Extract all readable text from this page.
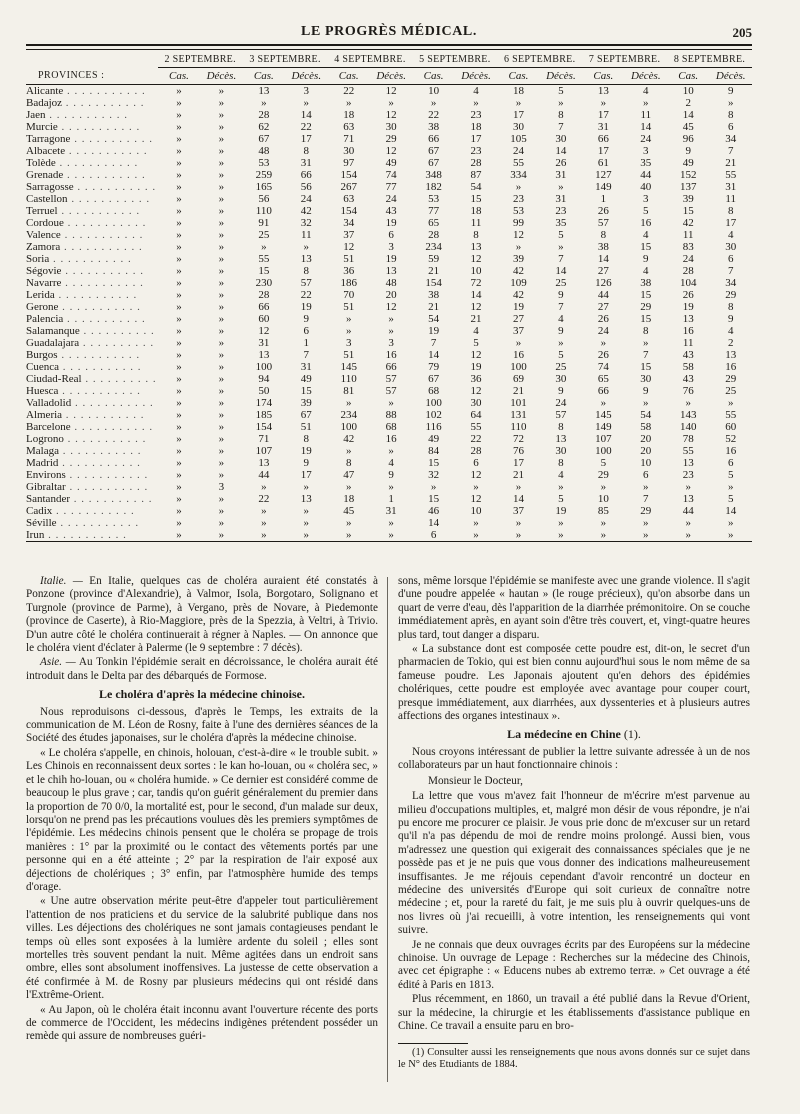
LE PROGRÈS MÉDICAL.	205
	2 SEPTEMBRE.		3 SEPTEMBRE.		4 SEPTEMBRE.		5 SEPTEMBRE.		6 SEPTEMBRE.		7 SEPTEMBRE.		8 SEPTEMBRE.	
PROVINCES :	Cas.	Décès.	Cas.	Décès.	Cas.	Décès.	Cas.	Décès.	Cas.	Décès.	Cas.	Décès.	Cas.	Décès.
Alicante . . .	»	»	13	3	22	12	10	4	18	5	13	4	10	9
Badajoz . . .	»	»	»	»	»	»	»	»	»	»	»	»	2	»
Jaen . . .	»	»	28	14	18	12	22	23	17	8	17	11	14	8
Murcie . . .	»	»	62	22	63	30	38	18	30	7	31	14	45	6
Tarragone . . .	»	»	67	17	71	29	66	17	105	30	66	24	96	34
Albacete . . .	»	»	48	8	30	12	67	23	24	14	17	3	9	7
Tolède . . .	»	»	53	31	97	49	67	28	55	26	61	35	49	21
Grenade . . .	»	»	259	66	154	74	348	87	334	31	127	44	152	55
Sarragosse . . .	»	»	165	56	267	77	182	54	»	»	149	40	137	31
Castellon . . .	»	»	56	24	63	24	53	15	23	31	1	3	39	11
Terruel . . .	»	»	110	42	154	43	77	18	53	23	26	5	15	8
Cordoue . . .	»	»	91	32	34	19	65	11	99	35	57	16	42	17
Valence . . .	»	»	25	11	37	6	28	8	12	5	8	4	11	4
Zamora . . .	»	»	»	»	12	3	234	13	»	»	38	15	83	30
Soria . . .	»	»	55	13	51	19	59	12	39	7	14	9	24	6
Ségovie . . .	»	»	15	8	36	13	21	10	42	14	27	4	28	7
Navarre . . .	»	»	230	57	186	48	154	72	109	25	126	38	104	34
Lerida . . .	»	»	28	22	70	20	38	14	42	9	44	15	26	29
Gerone . . .	»	»	66	19	51	12	21	12	19	7	27	29	19	8
Palencia . . .	»	»	60	9	»	»	54	21	27	4	26	15	13	9
Salamanque . . .	»	»	12	6	»	»	19	4	37	9	24	8	16	4
Guadalajara . . .	»	»	31	1	3	3	7	5	»	»	»	»	11	2
Burgos . . .	»	»	13	7	51	16	14	12	16	5	26	7	43	13
Cuenca . . .	»	»	100	31	145	66	79	19	100	25	74	15	58	16
Ciudad-Real . . .	»	»	94	49	110	57	67	36	69	30	65	30	43	29
Huesca . . .	»	»	50	15	81	57	68	12	21	9	66	9	76	25
Valladolid . . .	»	»	174	39	»	»	100	30	101	24	»	»	»	»
Almeria . . .	»	»	185	67	234	88	102	64	131	57	145	54	143	55
Barcelone . . .	»	»	154	51	100	68	116	55	110	8	149	58	140	60
Logrono . . .	»	»	71	8	42	16	49	22	72	13	107	20	78	52
Malaga . . .	»	»	107	19	»	»	84	28	76	30	100	20	55	16
Madrid . . .	»	»	13	9	8	4	15	6	17	8	5	10	13	6
Environs . . .	»	»	44	17	47	9	32	12	21	4	29	6	23	5
Gibraltar . . .	»	3	»	»	»	»	»	»	»	»	»	»	»	»
Santander . . .	»	»	22	13	18	1	15	12	14	5	10	7	13	5
Cadix . . .	»	»	»	»	45	31	46	10	37	19	85	29	44	14
Séville . . .	»	»	»	»	»	»	14	»	»	»	»	»	»	»
Irun . . .	»	»	»	»	»	»	6	»	»	»	»	»	»	»

Italie. — En Italie, quelques cas de choléra auraient été constatés à Ponzone (province d'Alexandrie), à Valmor, Isola, Borgotaro, Solignano et Turgnole (province de Parme), à Vergano, près de Novare, à Piedemonte (province de Caserte), à Rio-Maggiore, près de la Spezzia, à Veltri, à Trivio. D'un autre côté le choléra continuerait à régner à Naples. — On annonce que le choléra vient d'éclater à Palerme (le 9 septembre : 7 décès).

Asie. — Au Tonkin l'épidémie serait en décroissance, le choléra aurait été introduit dans le Delta par des débarqués de Formose.

Le choléra d'après la médecine chinoise.

Nous reproduisons ci-dessous, d'après le Temps, les extraits de la communication de M. Léon de Rosny, faite à l'une des dernières séances de la Société des études japonaises, sur le choléra d'après la médecine chinoise.

« Le choléra s'appelle, en chinois, holouan, c'est-à-dire « le trouble subit. » Les Chinois en reconnaissent deux sortes : le kan ho-louan, ou « choléra sec, » et le chih ho-louan, ou « choléra humide. » Ce dernier est considéré comme de beaucoup le plus grave ; car, tandis qu'on guérit généralement du premier dans la proportion de 70 0/0, la mortalité est, pour le second, d'un malade sur deux, lorsqu'on ne prend pas les précautions voulues dès les premiers symptômes de l'épidémie. Les médecins chinois pensent que le choléra se propage de trois manières : 1° par la proximité ou le contact des vêtements portés par une personne qui en a été atteinte ; 2° par la respiration de l'air exposé aux déjections de cholériques ; 3° enfin, par l'atmosphère humide des temps d'orage.

« Une autre observation mérite peut-être d'appeler tout particulièrement l'attention de nos praticiens et du service de la salubrité publique dans nos villes. Les déjections des cholériques ne sont jamais contagieuses pendant le temps où elles sont exposées à la lumière ardente du soleil ; elles sont mortelles très souvent pendant la nuit. Même agitées dans un endroit sans ombre, elles sont absolument inoffensives. La justesse de cette observation a été confirmée à M. de Rosny par plusieurs médecins qui ont résidé dans l'Extrême-Orient.

« Au Japon, où le choléra était inconnu avant l'ouverture récente des ports de commerce de l'Occident, les médecins indigènes prétendent posséder un remède qui assure de nombreuses guéri-

sons, même lorsque l'épidémie se manifeste avec une grande violence. Il s'agit d'une poudre appelée « hautan » (le rouge précieux), qu'on absorbe dans un quart de verre d'eau, dès l'apparition de la diarrhée prémonitoire. On se couche immédiatement après, en ayant soin d'être très couvert, et, vingt-quatre heures plus tard, tout danger a disparu.

« La substance dont est composée cette poudre est, dit-on, le secret d'un pharmacien de Tokio, qui est bien connu aujourd'hui sous le nom même de sa fameuse poudre. Les Japonais ajoutent qu'en dehors des épidémies cholériques, cette poudre est employée avec avantage pour couper court, presque immédiatement, aux diarrhées, aux dyssenteries et à plusieurs autres affections des organes intestinaux ».

La médecine en Chine (1).

Nous croyons intéressant de publier la lettre suivante adressée à un de nos collaborateurs par un haut fonctionnaire chinois :

Monsieur le Docteur,

La lettre que vous m'avez fait l'honneur de m'écrire m'est parvenue au milieu d'occupations multiples, et, malgré mon désir de vous répondre, je n'ai pu encore me procurer ce plaisir. Je vous prie donc de m'excuser sur un retard qu'il n'a pas dépendu de moi de rendre moins prolongé. Aussi bien, vous m'adressez une question qui exigerait des connaissances spéciales que je ne possède pas et je ne puis que vous donner des indications malheureusement insuffisantes. Je me réjouis cependant d'avoir rencontré un docteur en médecine des universités d'Europe qui soit curieux de connaître notre médecine ; et, pour la rareté du fait, je me suis plu à ouvrir quelques-uns de nos livres où j'ai recueilli, à votre intention, les renseignements qui vont suivre.

Je ne connais que deux ouvrages écrits par des Européens sur la médecine chinoise. Un ouvrage de Lepage : Recherches sur la médecine des Chinois, avec cet épigraphe : « Educens nubes ab extremo terræ. » Cet ouvrage a été édité à Paris en 1813.

Plus récemment, en 1860, un travail a été publié dans la Revue d'Orient, sur la médecine, la chirurgie et les établissements d'assistance publique en Chine. Ce travail a ensuite paru en bro-

(1) Consulter aussi les renseignements que nous avons donnés sur ce sujet dans le N° des Etudiants de 1884.
